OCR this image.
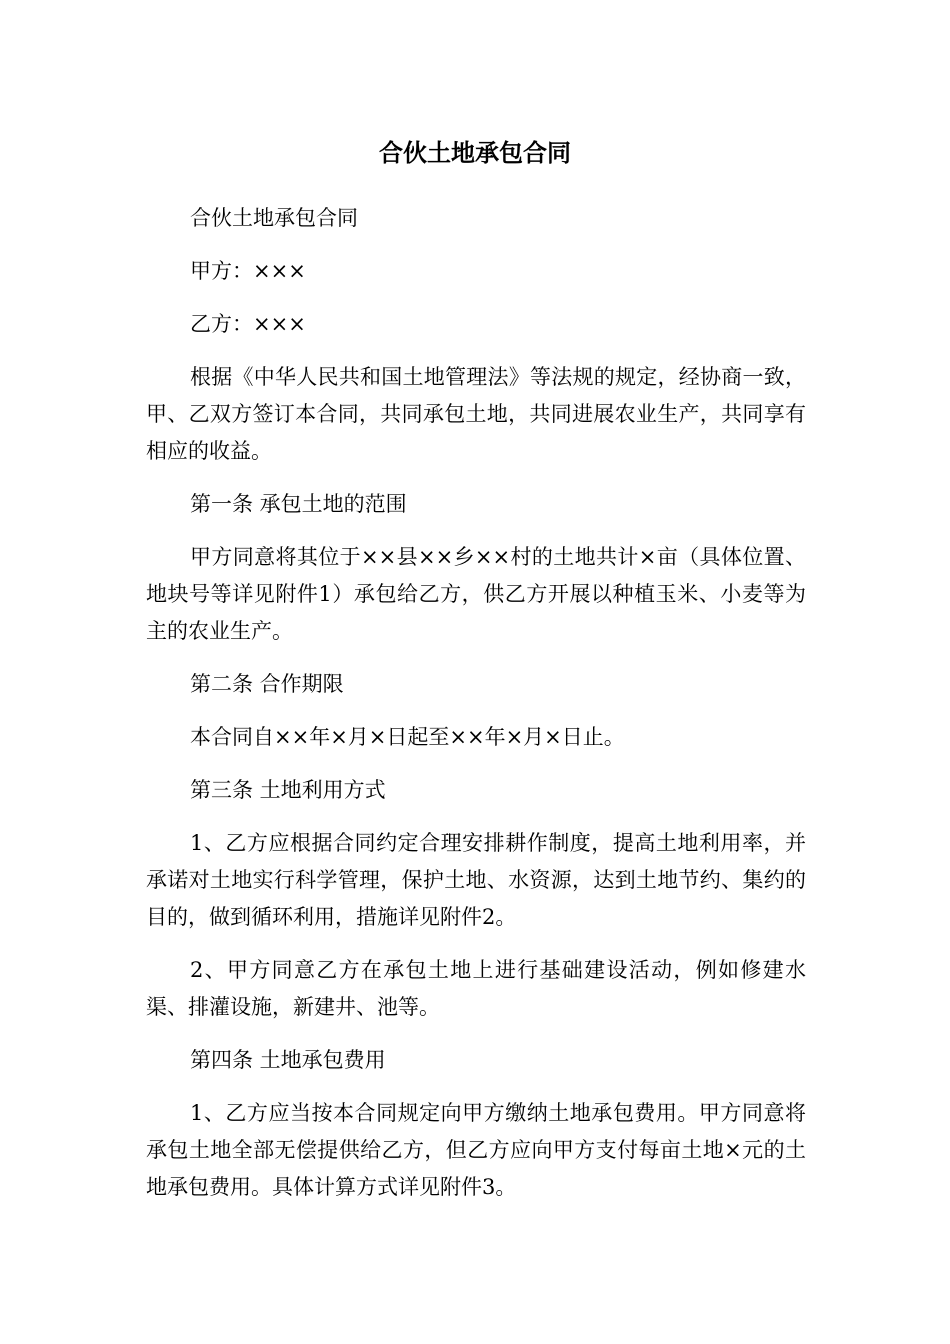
合伙土地承包合同

合伙土地承包合同

甲方：×××

乙方：×××

根据《中华人民共和国土地管理法》等法规的规定，经协商一致，甲、乙双方签订本合同，共同承包土地，共同进展农业生产，共同享有相应的收益。

第一条 承包土地的范围

甲方同意将其位于××县××乡××村的土地共计×亩（具体位置、地块号等详见附件1）承包给乙方，供乙方开展以种植玉米、小麦等为主的农业生产。

第二条 合作期限

本合同自××年×月×日起至××年×月×日止。

第三条 土地利用方式

1、乙方应根据合同约定合理安排耕作制度，提高土地利用率，并承诺对土地实行科学管理，保护土地、水资源，达到土地节约、集约的目的，做到循环利用，措施详见附件2。

2、甲方同意乙方在承包土地上进行基础建设活动，例如修建水渠、排灌设施，新建井、池等。

第四条 土地承包费用

1、乙方应当按本合同规定向甲方缴纳土地承包费用。甲方同意将承包土地全部无偿提供给乙方，但乙方应向甲方支付每亩土地×元的土地承包费用。具体计算方式详见附件3。
